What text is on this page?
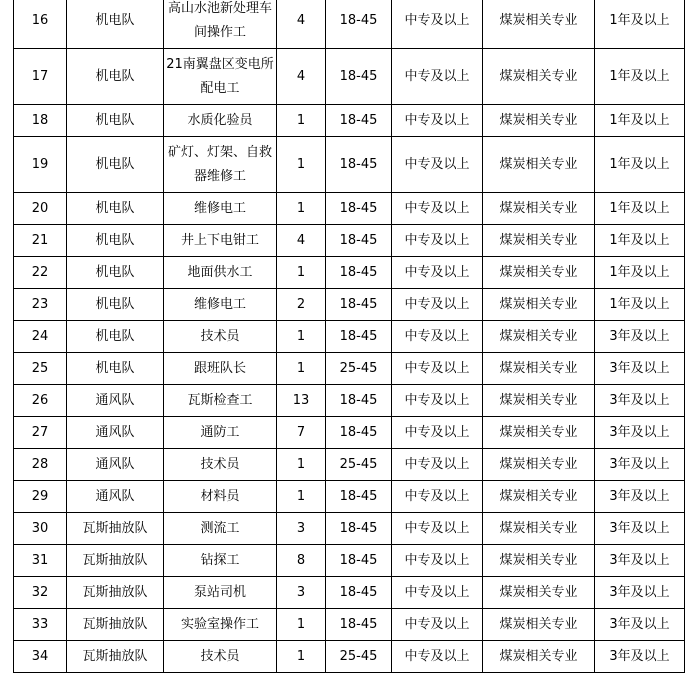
16	机电队	高山水池新处理车间操作工	4	18-45	中专及以上	煤炭相关专业	1年及以上
17	机电队	21南翼盘区变电所配电工	4	18-45	中专及以上	煤炭相关专业	1年及以上
18	机电队	水质化验员	1	18-45	中专及以上	煤炭相关专业	1年及以上
19	机电队	矿灯、灯架、自救器维修工	1	18-45	中专及以上	煤炭相关专业	1年及以上
20	机电队	维修电工	1	18-45	中专及以上	煤炭相关专业	1年及以上
21	机电队	井上下电钳工	4	18-45	中专及以上	煤炭相关专业	1年及以上
22	机电队	地面供水工	1	18-45	中专及以上	煤炭相关专业	1年及以上
23	机电队	维修电工	2	18-45	中专及以上	煤炭相关专业	1年及以上
24	机电队	技术员	1	18-45	中专及以上	煤炭相关专业	3年及以上
25	机电队	跟班队长	1	25-45	中专及以上	煤炭相关专业	3年及以上
26	通风队	瓦斯检查工	13	18-45	中专及以上	煤炭相关专业	3年及以上
27	通风队	通防工	7	18-45	中专及以上	煤炭相关专业	3年及以上
28	通风队	技术员	1	25-45	中专及以上	煤炭相关专业	3年及以上
29	通风队	材料员	1	18-45	中专及以上	煤炭相关专业	3年及以上
30	瓦斯抽放队	测流工	3	18-45	中专及以上	煤炭相关专业	3年及以上
31	瓦斯抽放队	钻探工	8	18-45	中专及以上	煤炭相关专业	3年及以上
32	瓦斯抽放队	泵站司机	3	18-45	中专及以上	煤炭相关专业	3年及以上
33	瓦斯抽放队	实验室操作工	1	18-45	中专及以上	煤炭相关专业	3年及以上
34	瓦斯抽放队	技术员	1	25-45	中专及以上	煤炭相关专业	3年及以上
